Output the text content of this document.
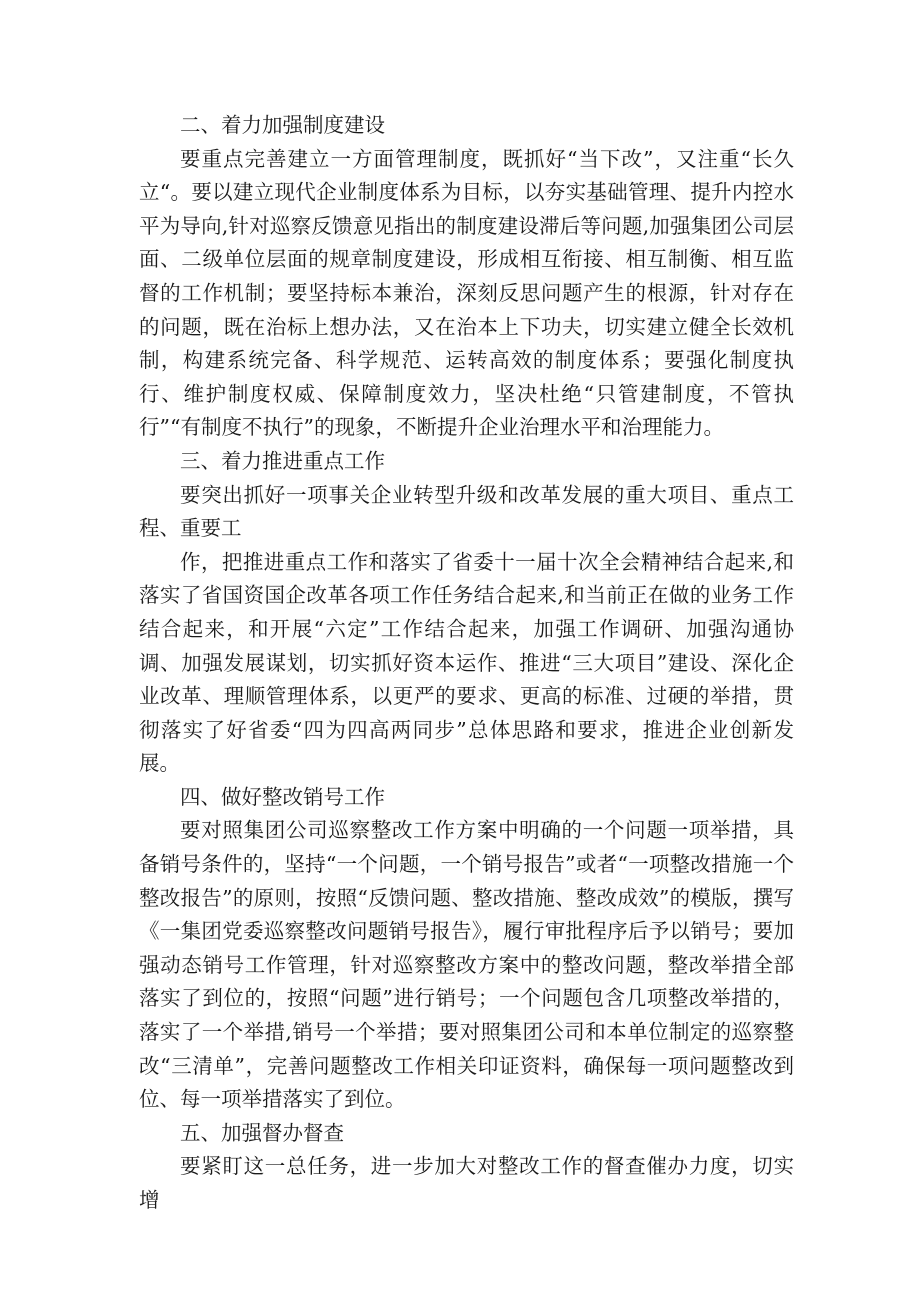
二、着力加强制度建设

要重点完善建立一方面管理制度，既抓好“当下改”，又注重“长久立“。要以建立现代企业制度体系为目标，以夯实基础管理、提升内控水平为导向,针对巡察反馈意见指出的制度建设滞后等问题,加强集团公司层面、二级单位层面的规章制度建设，形成相互衔接、相互制衡、相互监督的工作机制；要坚持标本兼治，深刻反思问题产生的根源，针对存在的问题，既在治标上想办法，又在治本上下功夫，切实建立健全长效机制，构建系统完备、科学规范、运转高效的制度体系；要强化制度执行、维护制度权威、保障制度效力，坚决杜绝“只管建制度，不管执行”“有制度不执行”的现象，不断提升企业治理水平和治理能力。

三、着力推进重点工作

要突出抓好一项事关企业转型升级和改革发展的重大项目、重点工程、重要工

作，把推进重点工作和落实了省委十一届十次全会精神结合起来,和落实了省国资国企改革各项工作任务结合起来,和当前正在做的业务工作结合起来，和开展“六定”工作结合起来，加强工作调研、加强沟通协调、加强发展谋划，切实抓好资本运作、推进“三大项目”建设、深化企业改革、理顺管理体系，以更严的要求、更高的标准、过硬的举措，贯彻落实了好省委“四为四高两同步”总体思路和要求，推进企业创新发展。

四、做好整改销号工作

要对照集团公司巡察整改工作方案中明确的一个问题一项举措，具备销号条件的，坚持“一个问题，一个销号报告”或者“一项整改措施一个整改报告”的原则，按照“反馈问题、整改措施、整改成效”的模版，撰写《一集团党委巡察整改问题销号报告》，履行审批程序后予以销号；要加强动态销号工作管理，针对巡察整改方案中的整改问题，整改举措全部落实了到位的，按照“问题”进行销号；一个问题包含几项整改举措的，落实了一个举措,销号一个举措；要对照集团公司和本单位制定的巡察整改“三清单”，完善问题整改工作相关印证资料，确保每一项问题整改到位、每一项举措落实了到位。

五、加强督办督查

要紧盯这一总任务，进一步加大对整改工作的督查催办力度，切实增
